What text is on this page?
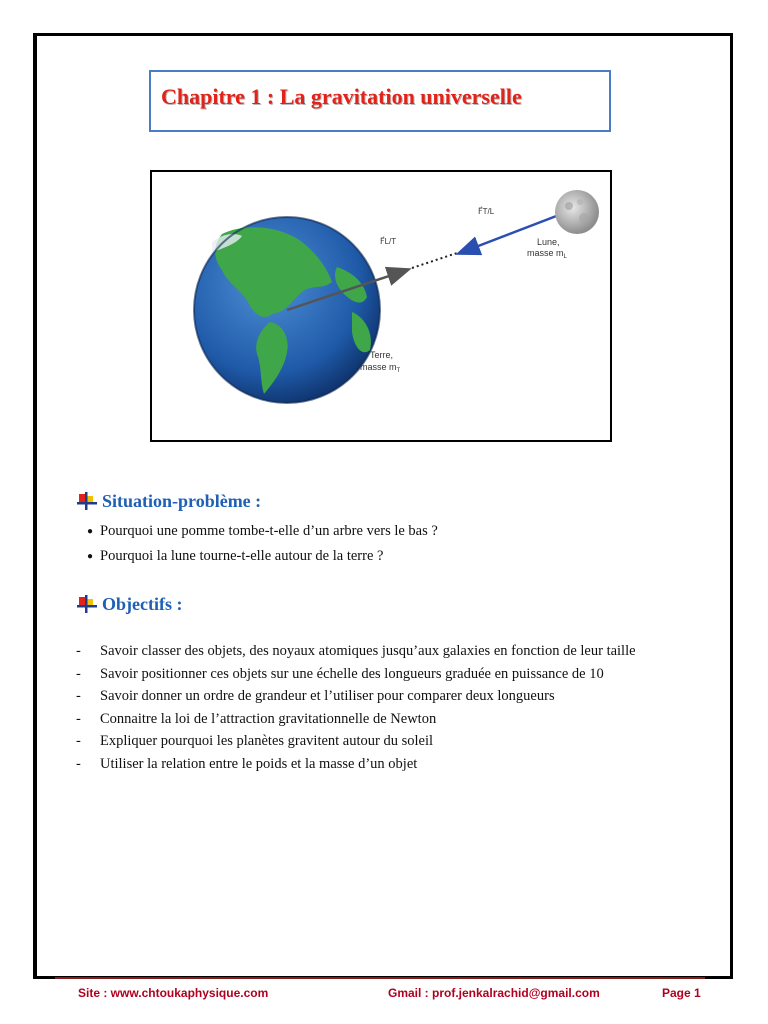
Chapitre 1 : La gravitation universelle
F⃗L/T
F⃗T/L
Lune,
masse $m_L$
Terre,
masse $m_T$
Situation-problème :
● Pourquoi une pomme tombe-t-elle d’un arbre vers le bas ?
● Pourquoi la lune tourne-t-elle autour de la terre ?
Objectifs :
-	Savoir classer des objets, des noyaux atomiques jusqu’aux galaxies en fonction de leur taille
-	Savoir positionner ces objets sur une échelle des longueurs graduée en puissance de 10
-	Savoir donner un ordre de grandeur et l’utiliser pour comparer deux longueurs
-	Connaitre la loi de l’attraction gravitationnelle de Newton
-	Expliquer pourquoi les planètes gravitent autour du soleil
-	Utiliser la relation entre le poids et la masse d’un objet
Site : www.chtoukaphysique.com	Gmail : prof.jenkalrachid@gmail.com	Page 1
